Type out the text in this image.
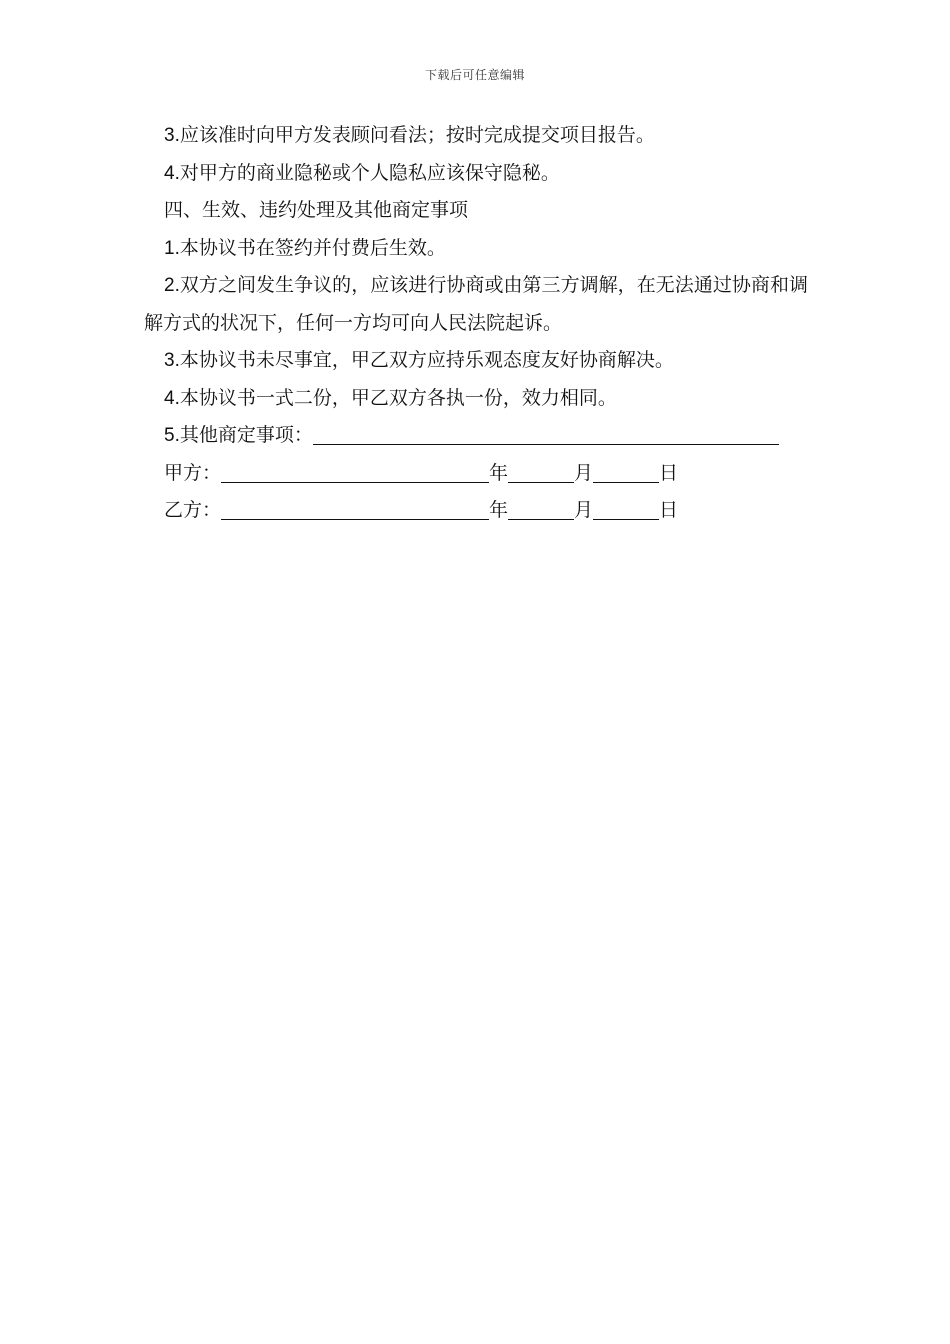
下载后可任意编辑

3.应该准时向甲方发表顾问看法；按时完成提交项目报告。

4.对甲方的商业隐秘或个人隐私应该保守隐秘。

四、生效、违约处理及其他商定事项

1.本协议书在签约并付费后生效。

2.双方之间发生争议的，应该进行协商或由第三方调解，在无法通过协商和调解方式的状况下，任何一方均可向人民法院起诉。

3.本协议书未尽事宜，甲乙双方应持乐观态度友好协商解决。

4.本协议书一式二份，甲乙双方各执一份，效力相同。

5.其他商定事项：

甲方：	年	月	日

乙方：	年	月	日
